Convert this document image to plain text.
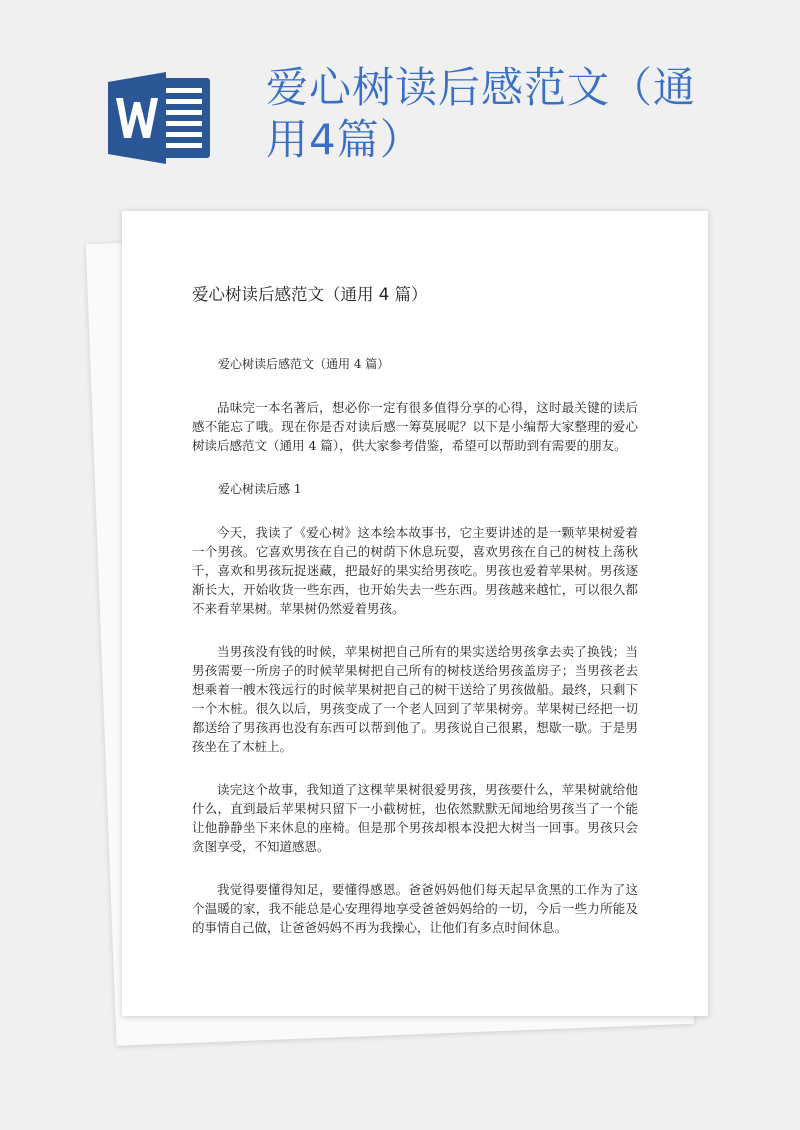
爱心树读后感范文（通用4篇）
爱心树读后感范文（通用 4 篇）

爱心树读后感范文（通用 4 篇）

品味完一本名著后，想必你一定有很多值得分享的心得，这时最关键的读后感不能忘了哦。现在你是否对读后感一筹莫展呢？以下是小编帮大家整理的爱心树读后感范文（通用 4 篇），供大家参考借鉴，希望可以帮助到有需要的朋友。

爱心树读后感 1

今天，我读了《爱心树》这本绘本故事书，它主要讲述的是一颗苹果树爱着一个男孩。它喜欢男孩在自己的树荫下休息玩耍，喜欢男孩在自己的树枝上荡秋千，喜欢和男孩玩捉迷藏，把最好的果实给男孩吃。男孩也爱着苹果树。男孩逐渐长大，开始收货一些东西，也开始失去一些东西。男孩越来越忙，可以很久都不来看苹果树。苹果树仍然爱着男孩。

当男孩没有钱的时候，苹果树把自己所有的果实送给男孩拿去卖了换钱；当男孩需要一所房子的时候苹果树把自己所有的树枝送给男孩盖房子；当男孩老去想乘着一艘木筏远行的时候苹果树把自己的树干送给了男孩做船。最终，只剩下一个木桩。很久以后，男孩变成了一个老人回到了苹果树旁。苹果树已经把一切都送给了男孩再也没有东西可以帮到他了。男孩说自己很累，想歇一歇。于是男孩坐在了木桩上。

读完这个故事，我知道了这棵苹果树很爱男孩，男孩要什么，苹果树就给他什么，直到最后苹果树只留下一小截树桩，也依然默默无闻地给男孩当了一个能让他静静坐下来休息的座椅。但是那个男孩却根本没把大树当一回事。男孩只会贪图享受，不知道感恩。

我觉得要懂得知足，要懂得感恩。爸爸妈妈他们每天起早贪黑的工作为了这个温暖的家，我不能总是心安理得地享受爸爸妈妈给的一切，今后一些力所能及的事情自己做，让爸爸妈妈不再为我操心，让他们有多点时间休息。
